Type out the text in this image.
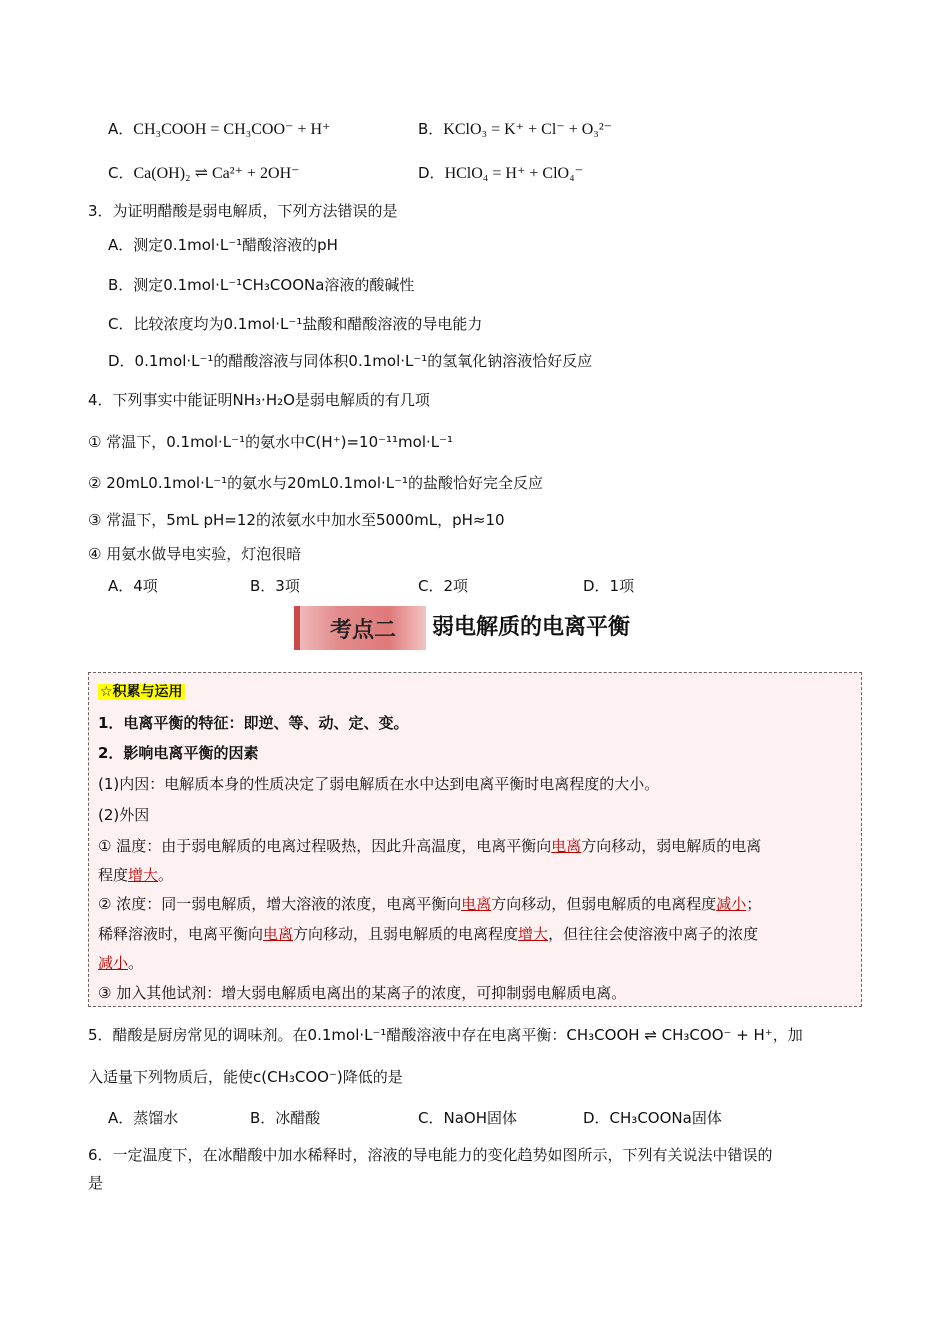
A．CH₃COOH = CH₃COO⁻ + H⁺	B．KClO₃ = K⁺ + Cl⁻ + O₃²⁻
C．Ca(OH)₂ ⇌ Ca²⁺ + 2OH⁻	D．HClO₄ = H⁺ + ClO₄⁻
3．为证明醋酸是弱电解质，下列方法错误的是
A．测定0.1mol·L⁻¹醋酸溶液的pH
B．测定0.1mol·L⁻¹CH₃COONa溶液的酸碱性
C．比较浓度均为0.1mol·L⁻¹盐酸和醋酸溶液的导电能力
D．0.1mol·L⁻¹的醋酸溶液与同体积0.1mol·L⁻¹的氢氧化钠溶液恰好反应
4．下列事实中能证明NH₃·H₂O是弱电解质的有几项
① 常温下，0.1mol·L⁻¹的氨水中C(H⁺)=10⁻¹¹mol·L⁻¹
② 20mL0.1mol·L⁻¹的氨水与20mL0.1mol·L⁻¹的盐酸恰好完全反应
③ 常温下，5mL pH=12的浓氨水中加水至5000mL，pH≈10
④ 用氨水做导电实验，灯泡很暗
A．4项	B．3项	C．2项	D．1项
考点二	弱电解质的电离平衡
☆积累与运用
1．电离平衡的特征：即逆、等、动、定、变。
2．影响电离平衡的因素
(1)内因：电解质本身的性质决定了弱电解质在水中达到电离平衡时电离程度的大小。
(2)外因
① 温度：由于弱电解质的电离过程吸热，因此升高温度，电离平衡向电离方向移动，弱电解质的电离
程度增大。
② 浓度：同一弱电解质，增大溶液的浓度，电离平衡向电离方向移动，但弱电解质的电离程度减小；
稀释溶液时，电离平衡向电离方向移动，且弱电解质的电离程度增大，但往往会使溶液中离子的浓度
减小。
③ 加入其他试剂：增大弱电解质电离出的某离子的浓度，可抑制弱电解质电离。
5．醋酸是厨房常见的调味剂。在0.1mol·L⁻¹醋酸溶液中存在电离平衡：CH₃COOH ⇌ CH₃COO⁻ + H⁺，加
入适量下列物质后，能使c(CH₃COO⁻)降低的是
A．蒸馏水	B．冰醋酸	C．NaOH固体	D．CH₃COONa固体
6．一定温度下，在冰醋酸中加水稀释时，溶液的导电能力的变化趋势如图所示，下列有关说法中错误的
是
